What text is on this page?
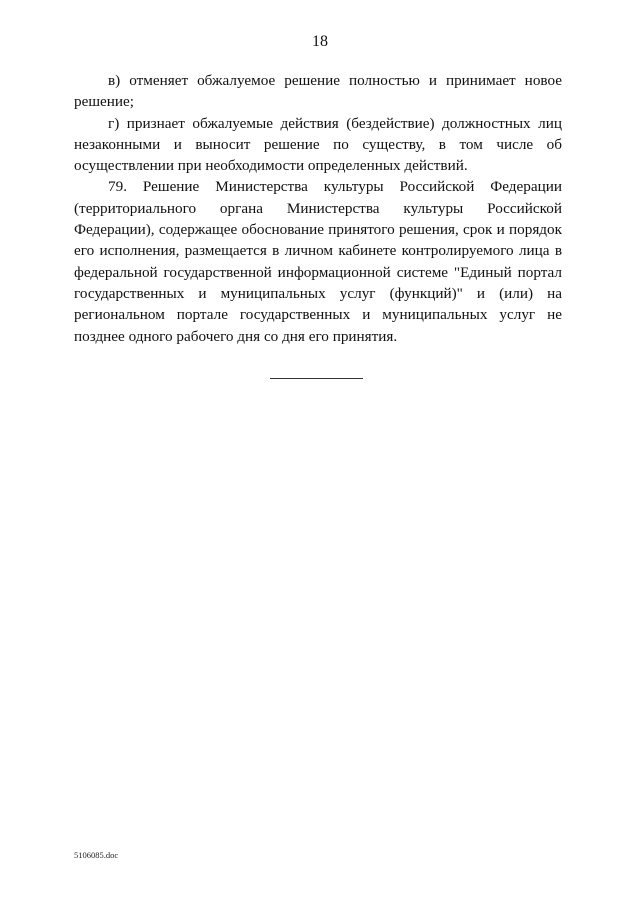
18

в) отменяет обжалуемое решение полностью и принимает новое решение;

г) признает обжалуемые действия (бездействие) должностных лиц незаконными и выносит решение по существу, в том числе об осуществлении при необходимости определенных действий.

79. Решение Министерства культуры Российской Федерации (территориального органа Министерства культуры Российской Федерации), содержащее обоснование принятого решения, срок и порядок его исполнения, размещается в личном кабинете контролируемого лица в федеральной государственной информационной системе "Единый портал государственных и муниципальных услуг (функций)" и (или) на региональном портале государственных и муниципальных услуг не позднее одного рабочего дня со дня его принятия.

5106085.doc
